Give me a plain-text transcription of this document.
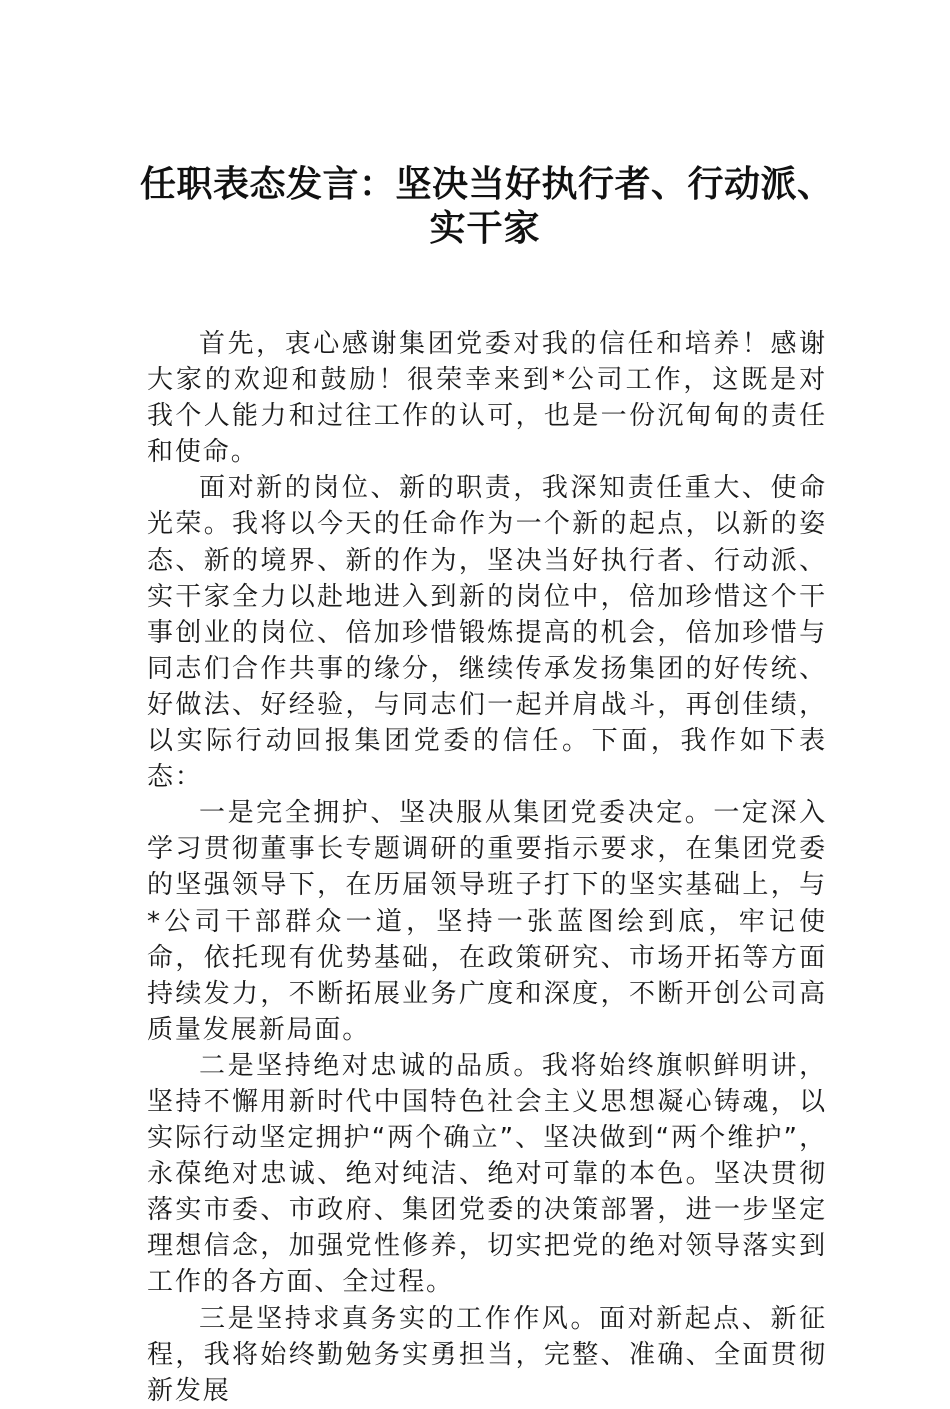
任职表态发言：坚决当好执行者、行动派、
实干家

首先，衷心感谢集团党委对我的信任和培养！感谢大家的欢迎和鼓励！很荣幸来到*公司工作，这既是对我个人能力和过往工作的认可，也是一份沉甸甸的责任和使命。

面对新的岗位、新的职责，我深知责任重大、使命光荣。我将以今天的任命作为一个新的起点，以新的姿态、新的境界、新的作为，坚决当好执行者、行动派、实干家全力以赴地进入到新的岗位中，倍加珍惜这个干事创业的岗位、倍加珍惜锻炼提高的机会，倍加珍惜与同志们合作共事的缘分，继续传承发扬集团的好传统、好做法、好经验，与同志们一起并肩战斗，再创佳绩，以实际行动回报集团党委的信任。下面，我作如下表态：

一是完全拥护、坚决服从集团党委决定。一定深入学习贯彻董事长专题调研的重要指示要求，在集团党委的坚强领导下，在历届领导班子打下的坚实基础上，与*公司干部群众一道，坚持一张蓝图绘到底，牢记使命，依托现有优势基础，在政策研究、市场开拓等方面持续发力，不断拓展业务广度和深度，不断开创公司高质量发展新局面。

二是坚持绝对忠诚的品质。我将始终旗帜鲜明讲，坚持不懈用新时代中国特色社会主义思想凝心铸魂，以实际行动坚定拥护“两个确立”、坚决做到“两个维护”，永葆绝对忠诚、绝对纯洁、绝对可靠的本色。坚决贯彻落实市委、市政府、集团党委的决策部署，进一步坚定理想信念，加强党性修养，切实把党的绝对领导落实到工作的各方面、全过程。

三是坚持求真务实的工作作风。面对新起点、新征程，我将始终勤勉务实勇担当，完整、准确、全面贯彻新发展
